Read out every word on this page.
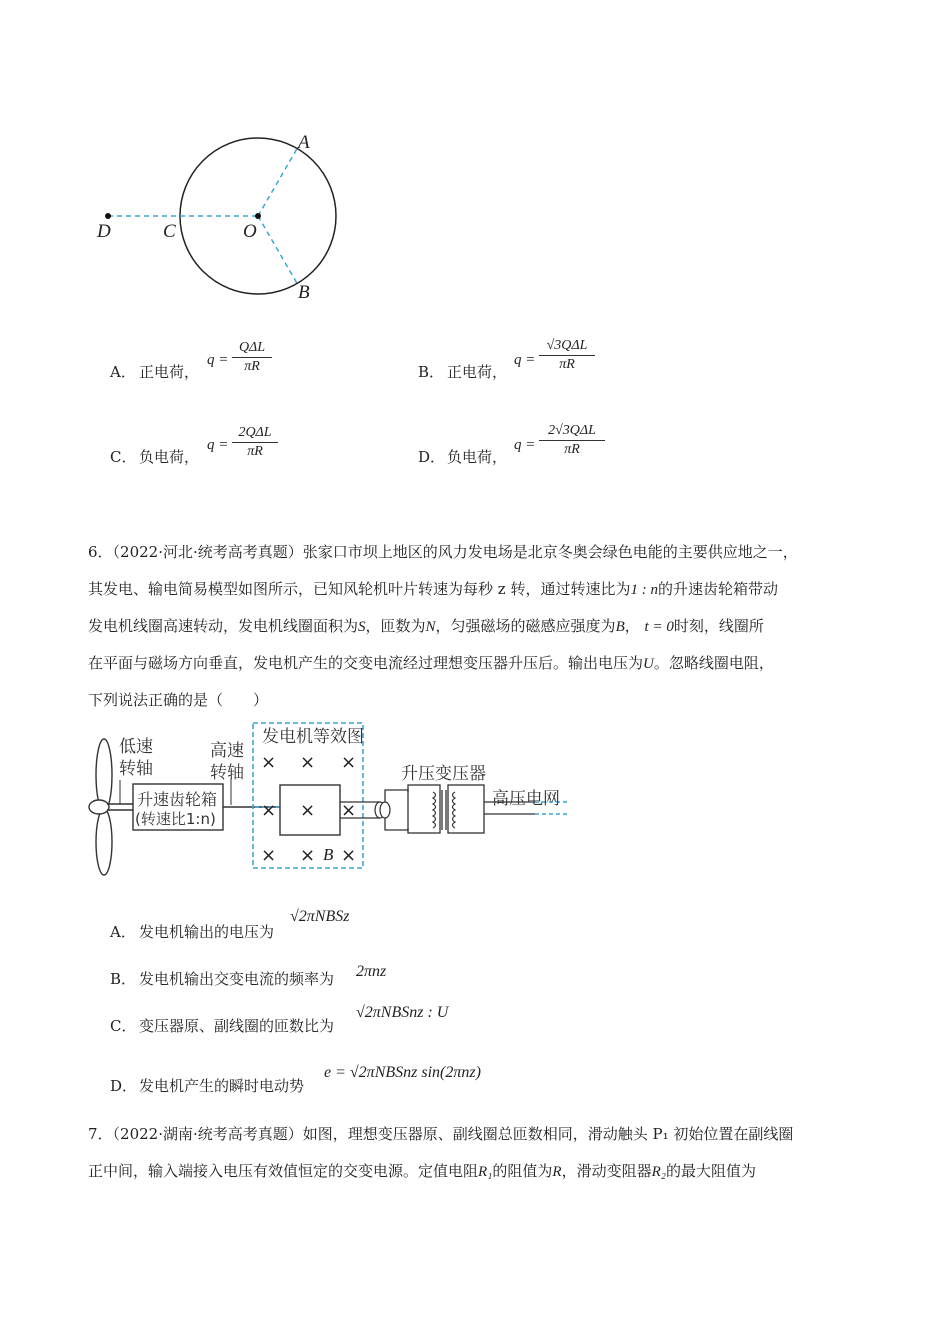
A
D	C	O
B
A． 正电荷，
q =
QΔL
πR	B． 正电荷，
q =
√3QΔL
πR
C． 负电荷，
q =
2QΔL
πR	D． 负电荷，
q =
2√3QΔL
πR
6．（2022·河北·统考高考真题）张家口市坝上地区的风力发电场是北京冬奥会绿色电能的主要供应地之一，
其发电、输电简易模型如图所示，已知风轮机叶片转速为每秒 z 转，通过转速比为1 : n的升速齿轮箱带动
发电机线圈高速转动，发电机线圈面积为S，匝数为N，匀强磁场的磁感应强度为B， t = 0时刻，线圈所
在平面与磁场方向垂直，发电机产生的交变电流经过理想变压器升压后。输出电压为U。忽略线圈电阻，
下列说法正确的是（　　）
低速
转轴
高速
转轴
发电机等效图
升速齿轮箱
(转速比1:n)
升压变压器
高压电网
B
× × ×
× × ×
× × ×
A． 发电机输出的电压为
√2πNBSz
B． 发电机输出交变电流的频率为 2πnz
C． 变压器原、副线圈的匝数比为
√2πNBSnz : U
D． 发电机产生的瞬时电动势
e = √2πNBSnz sin(2πnz)
7．（2022·湖南·统考高考真题）如图，理想变压器原、副线圈总匝数相同，滑动触头 P₁ 初始位置在副线圈
正中间，输入端接入电压有效值恒定的交变电源。定值电阻R₁的阻值为R，滑动变阻器R₂的最大阻值为
